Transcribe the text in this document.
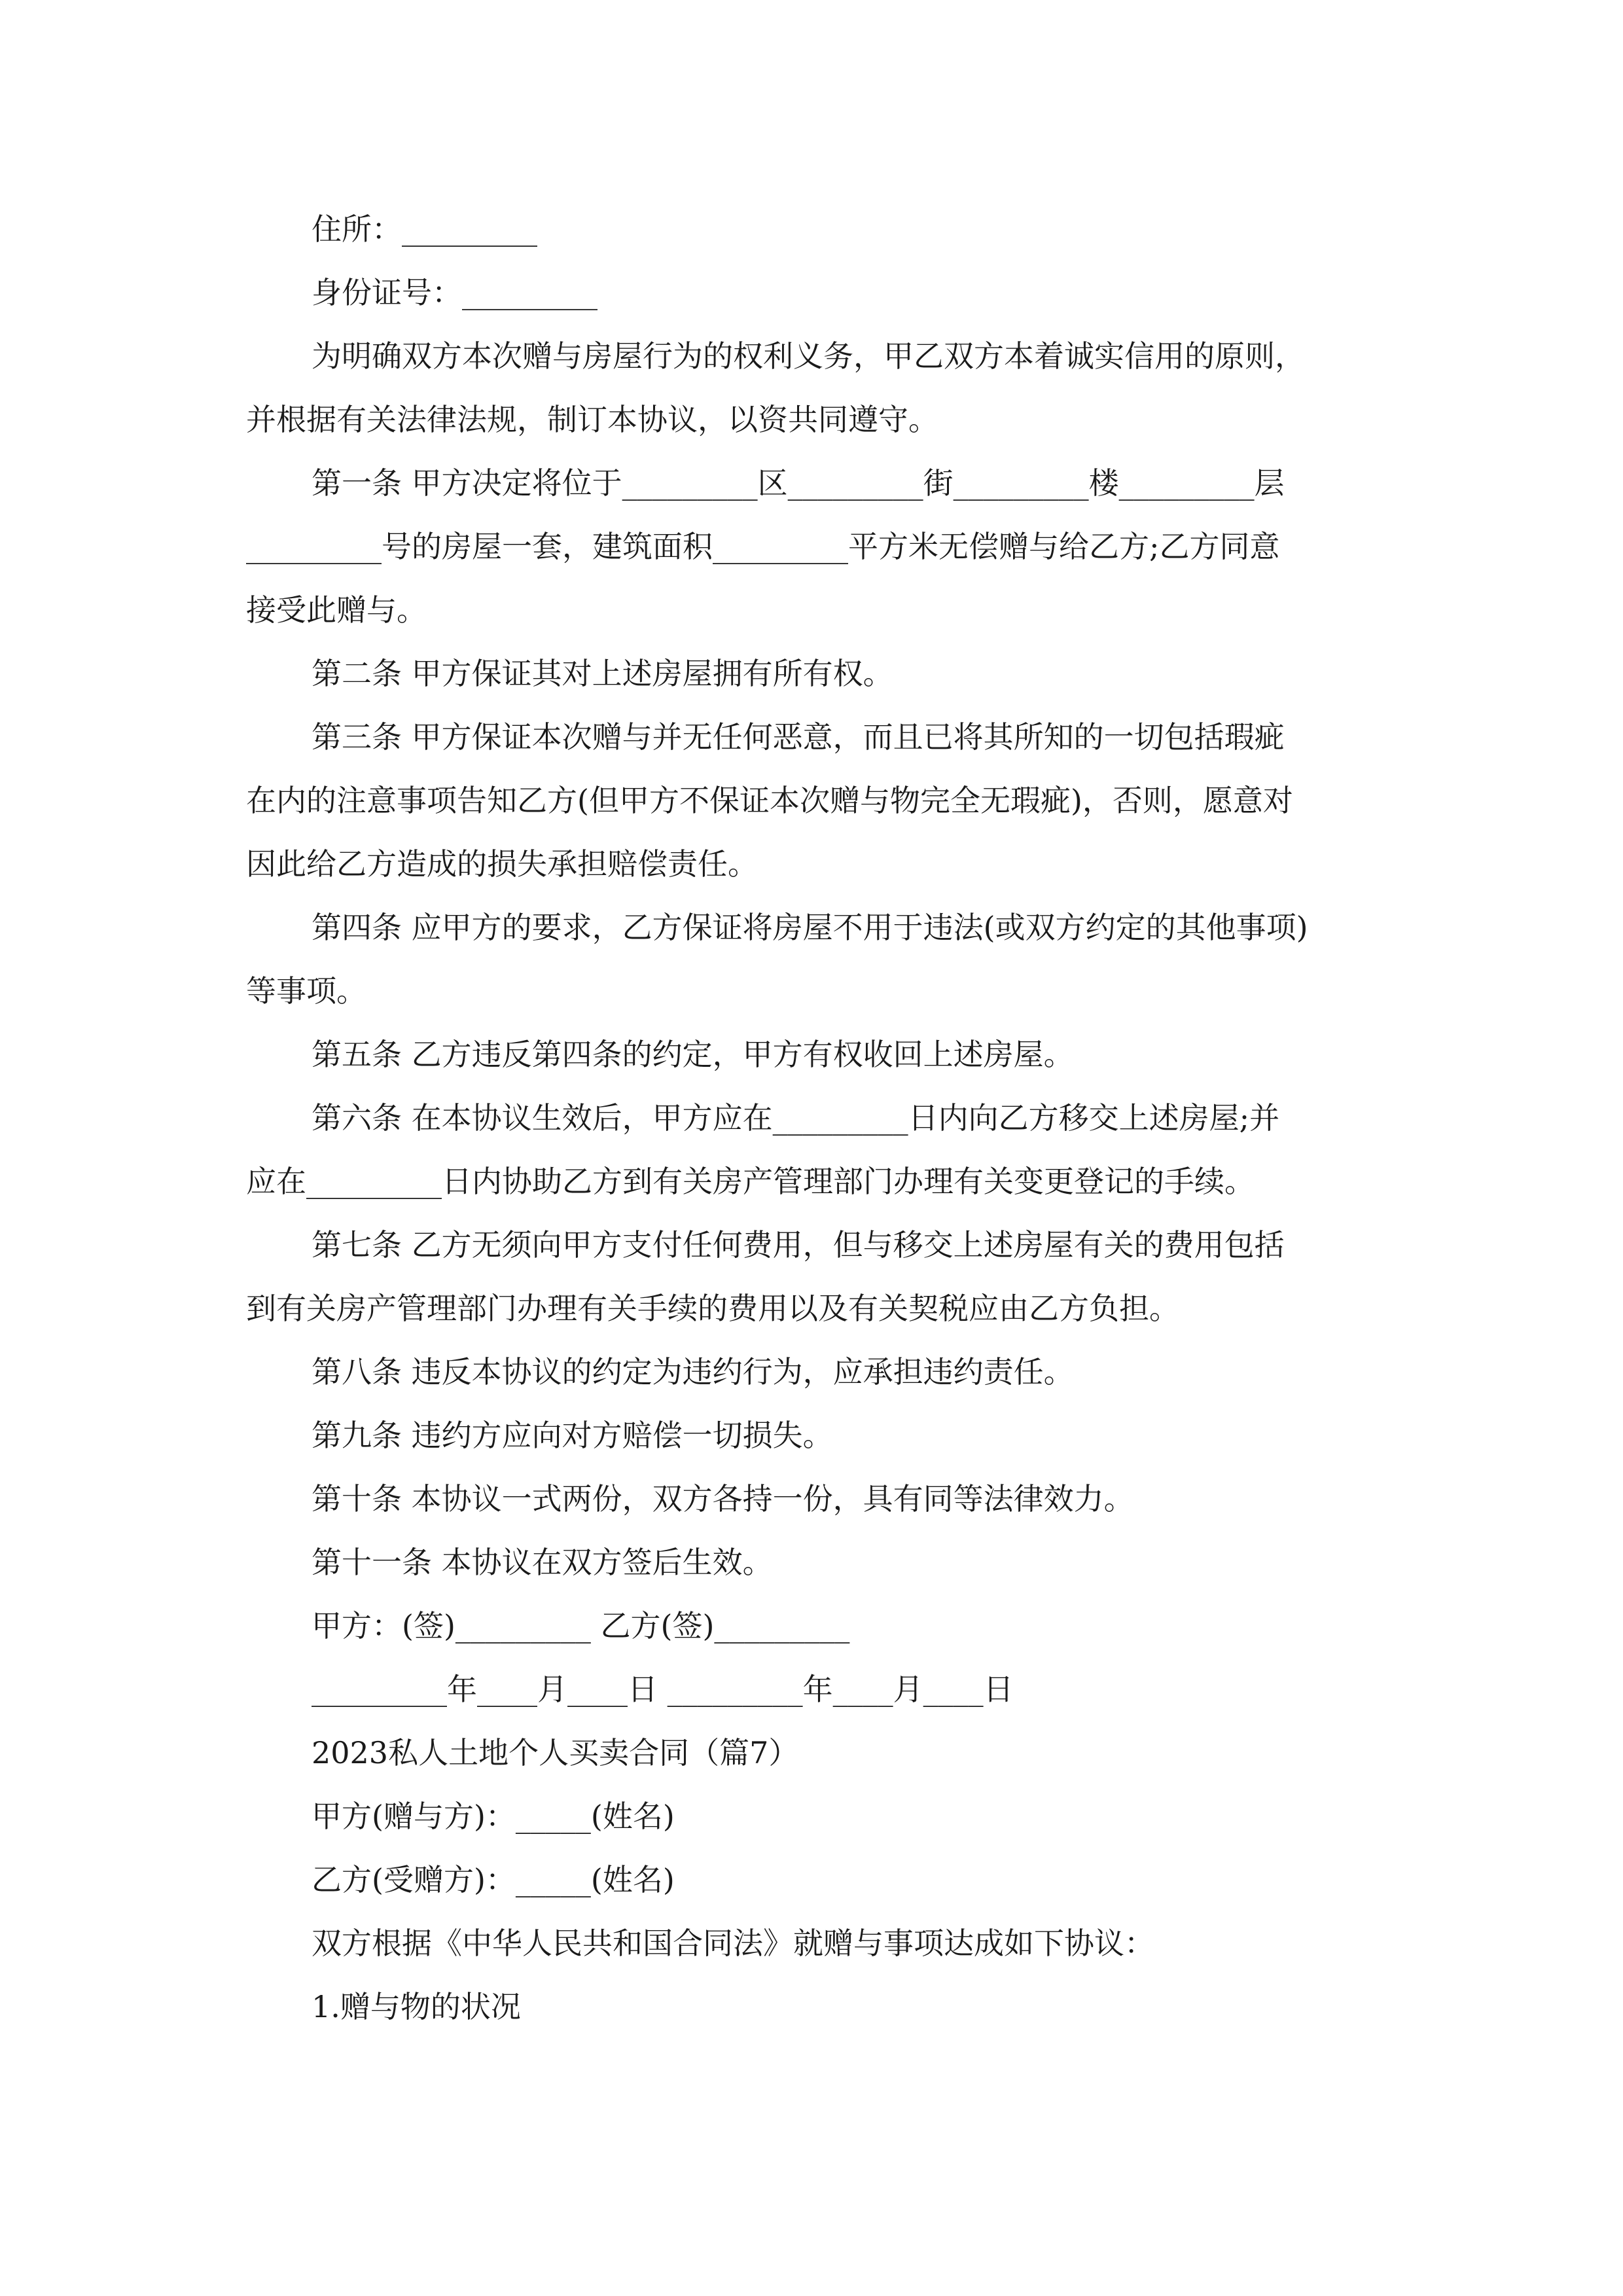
住所：_________

身份证号：_________

为明确双方本次赠与房屋行为的权利义务，甲乙双方本着诚实信用的原则，

并根据有关法律法规，制订本协议，以资共同遵守。

第一条 甲方决定将位于_________区_________街_________楼_________层

_________号的房屋一套，建筑面积_________平方米无偿赠与给乙方;乙方同意

接受此赠与。

第二条 甲方保证其对上述房屋拥有所有权。

第三条 甲方保证本次赠与并无任何恶意，而且已将其所知的一切包括瑕疵

在内的注意事项告知乙方(但甲方不保证本次赠与物完全无瑕疵)，否则，愿意对

因此给乙方造成的损失承担赔偿责任。

第四条 应甲方的要求，乙方保证将房屋不用于违法(或双方约定的其他事项)

等事项。

第五条 乙方违反第四条的约定，甲方有权收回上述房屋。

第六条 在本协议生效后，甲方应在_________日内向乙方移交上述房屋;并

应在_________日内协助乙方到有关房产管理部门办理有关变更登记的手续。

第七条 乙方无须向甲方支付任何费用，但与移交上述房屋有关的费用包括

到有关房产管理部门办理有关手续的费用以及有关契税应由乙方负担。

第八条 违反本协议的约定为违约行为，应承担违约责任。

第九条 违约方应向对方赔偿一切损失。

第十条 本协议一式两份，双方各持一份，具有同等法律效力。

第十一条 本协议在双方签后生效。

甲方：(签)_________ 乙方(签)_________

_________年____月____日 _________年____月____日

2023私人土地个人买卖合同（篇7）

甲方(赠与方)：_____(姓名)

乙方(受赠方)：_____(姓名)

双方根据《中华人民共和国合同法》就赠与事项达成如下协议：

1.赠与物的状况
